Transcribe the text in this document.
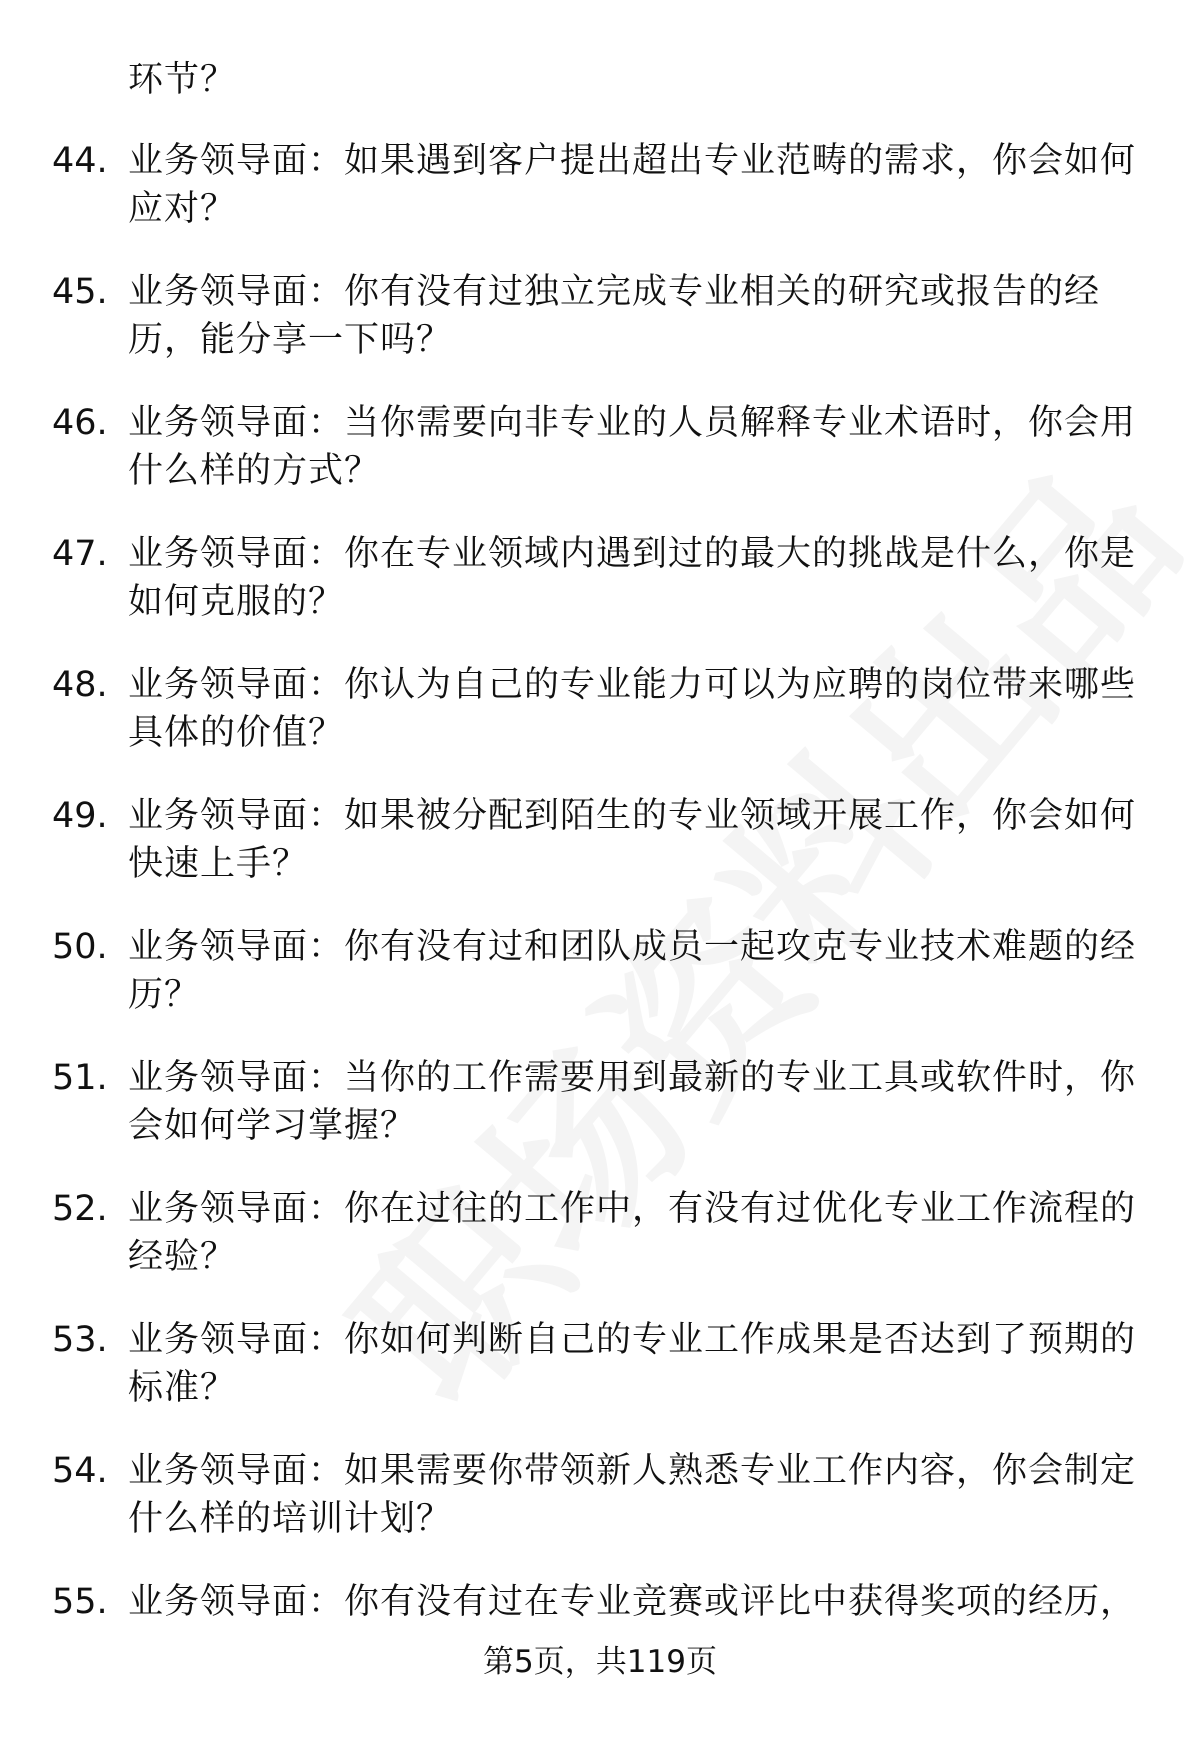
环节？
44. 业务领导面：如果遇到客户提出超出专业范畴的需求，你会如何应对？
45. 业务领导面：你有没有过独立完成专业相关的研究或报告的经历，能分享一下吗？
46. 业务领导面：当你需要向非专业的人员解释专业术语时，你会用什么样的方式？
47. 业务领导面：你在专业领域内遇到过的最大的挑战是什么，你是如何克服的？
48. 业务领导面：你认为自己的专业能力可以为应聘的岗位带来哪些具体的价值？
49. 业务领导面：如果被分配到陌生的专业领域开展工作，你会如何快速上手？
50. 业务领导面：你有没有过和团队成员一起攻克专业技术难题的经历？
51. 业务领导面：当你的工作需要用到最新的专业工具或软件时，你会如何学习掌握？
52. 业务领导面：你在过往的工作中，有没有过优化专业工作流程的经验？
53. 业务领导面：你如何判断自己的专业工作成果是否达到了预期的标准？
54. 业务领导面：如果需要你带领新人熟悉专业工作内容，你会制定什么样的培训计划？
55. 业务领导面：你有没有过在专业竞赛或评比中获得奖项的经历，
第5页，共119页
